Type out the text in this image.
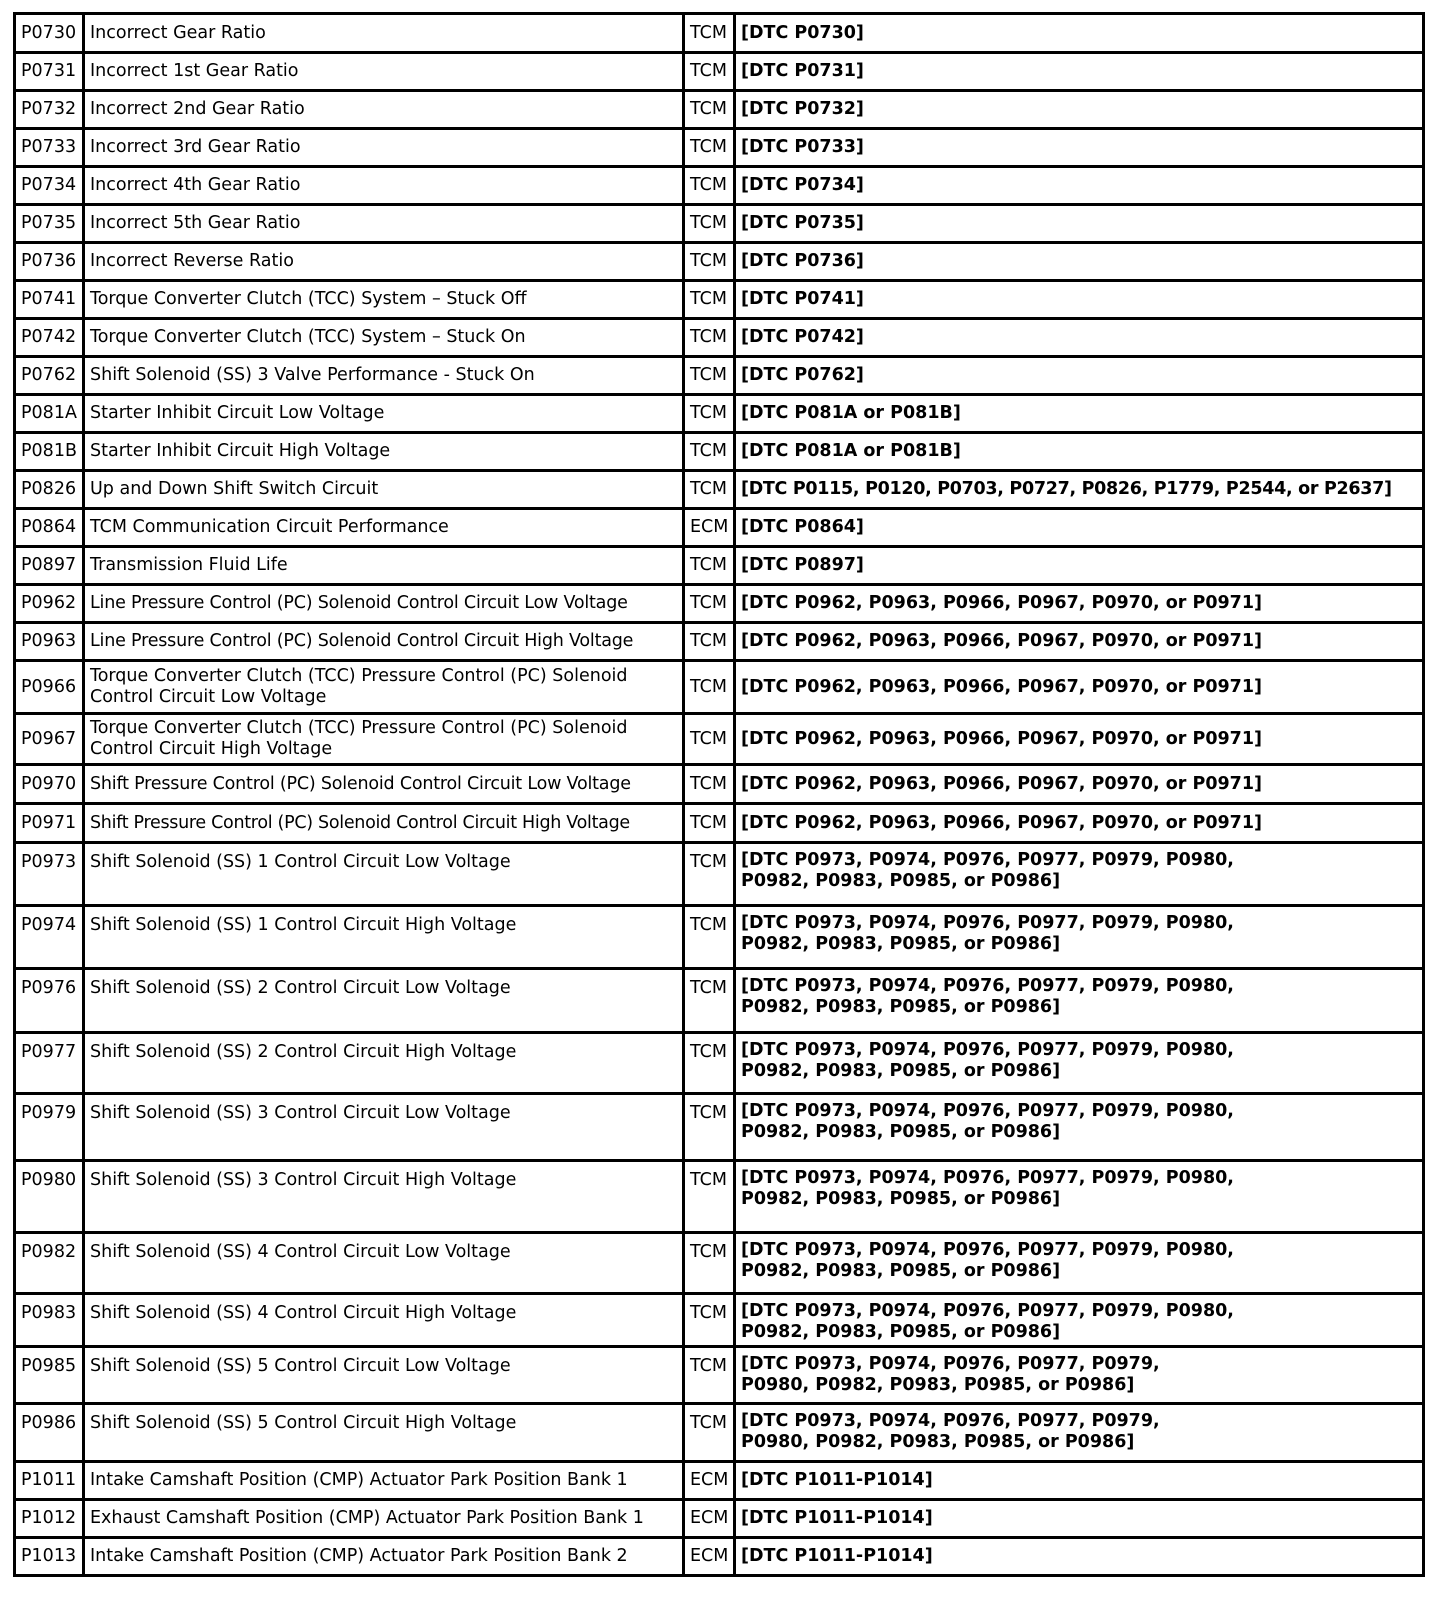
P0730	Incorrect Gear Ratio	TCM	[DTC P0730]
P0731	Incorrect 1st Gear Ratio	TCM	[DTC P0731]
P0732	Incorrect 2nd Gear Ratio	TCM	[DTC P0732]
P0733	Incorrect 3rd Gear Ratio	TCM	[DTC P0733]
P0734	Incorrect 4th Gear Ratio	TCM	[DTC P0734]
P0735	Incorrect 5th Gear Ratio	TCM	[DTC P0735]
P0736	Incorrect Reverse Ratio	TCM	[DTC P0736]
P0741	Torque Converter Clutch (TCC) System – Stuck Off	TCM	[DTC P0741]
P0742	Torque Converter Clutch (TCC) System – Stuck On	TCM	[DTC P0742]
P0762	Shift Solenoid (SS) 3 Valve Performance - Stuck On	TCM	[DTC P0762]
P081A	Starter Inhibit Circuit Low Voltage	TCM	[DTC P081A or P081B]
P081B	Starter Inhibit Circuit High Voltage	TCM	[DTC P081A or P081B]
P0826	Up and Down Shift Switch Circuit	TCM	[DTC P0115, P0120, P0703, P0727, P0826, P1779, P2544, or P2637]
P0864	TCM Communication Circuit Performance	ECM	[DTC P0864]
P0897	Transmission Fluid Life	TCM	[DTC P0897]
P0962	Line Pressure Control (PC) Solenoid Control Circuit Low Voltage	TCM	[DTC P0962, P0963, P0966, P0967, P0970, or P0971]
P0963	Line Pressure Control (PC) Solenoid Control Circuit High Voltage	TCM	[DTC P0962, P0963, P0966, P0967, P0970, or P0971]
P0966	Torque Converter Clutch (TCC) Pressure Control (PC) Solenoid Control Circuit Low Voltage	TCM	[DTC P0962, P0963, P0966, P0967, P0970, or P0971]
P0967	Torque Converter Clutch (TCC) Pressure Control (PC) Solenoid Control Circuit High Voltage	TCM	[DTC P0962, P0963, P0966, P0967, P0970, or P0971]
P0970	Shift Pressure Control (PC) Solenoid Control Circuit Low Voltage	TCM	[DTC P0962, P0963, P0966, P0967, P0970, or P0971]
P0971	Shift Pressure Control (PC) Solenoid Control Circuit High Voltage	TCM	[DTC P0962, P0963, P0966, P0967, P0970, or P0971]
P0973	Shift Solenoid (SS) 1 Control Circuit Low Voltage	TCM	[DTC P0973, P0974, P0976, P0977, P0979, P0980,
P0982, P0983, P0985, or P0986]
P0974	Shift Solenoid (SS) 1 Control Circuit High Voltage	TCM	[DTC P0973, P0974, P0976, P0977, P0979, P0980,
P0982, P0983, P0985, or P0986]
P0976	Shift Solenoid (SS) 2 Control Circuit Low Voltage	TCM	[DTC P0973, P0974, P0976, P0977, P0979, P0980,
P0982, P0983, P0985, or P0986]
P0977	Shift Solenoid (SS) 2 Control Circuit High Voltage	TCM	[DTC P0973, P0974, P0976, P0977, P0979, P0980,
P0982, P0983, P0985, or P0986]
P0979	Shift Solenoid (SS) 3 Control Circuit Low Voltage	TCM	[DTC P0973, P0974, P0976, P0977, P0979, P0980,
P0982, P0983, P0985, or P0986]
P0980	Shift Solenoid (SS) 3 Control Circuit High Voltage	TCM	[DTC P0973, P0974, P0976, P0977, P0979, P0980,
P0982, P0983, P0985, or P0986]
P0982	Shift Solenoid (SS) 4 Control Circuit Low Voltage	TCM	[DTC P0973, P0974, P0976, P0977, P0979, P0980,
P0982, P0983, P0985, or P0986]
P0983	Shift Solenoid (SS) 4 Control Circuit High Voltage	TCM	[DTC P0973, P0974, P0976, P0977, P0979, P0980,
P0982, P0983, P0985, or P0986]
P0985	Shift Solenoid (SS) 5 Control Circuit Low Voltage	TCM	[DTC P0973, P0974, P0976, P0977, P0979,
P0980, P0982, P0983, P0985, or P0986]
P0986	Shift Solenoid (SS) 5 Control Circuit High Voltage	TCM	[DTC P0973, P0974, P0976, P0977, P0979,
P0980, P0982, P0983, P0985, or P0986]
P1011	Intake Camshaft Position (CMP) Actuator Park Position Bank 1	ECM	[DTC P1011-P1014]
P1012	Exhaust Camshaft Position (CMP) Actuator Park Position Bank 1	ECM	[DTC P1011-P1014]
P1013	Intake Camshaft Position (CMP) Actuator Park Position Bank 2	ECM	[DTC P1011-P1014]
